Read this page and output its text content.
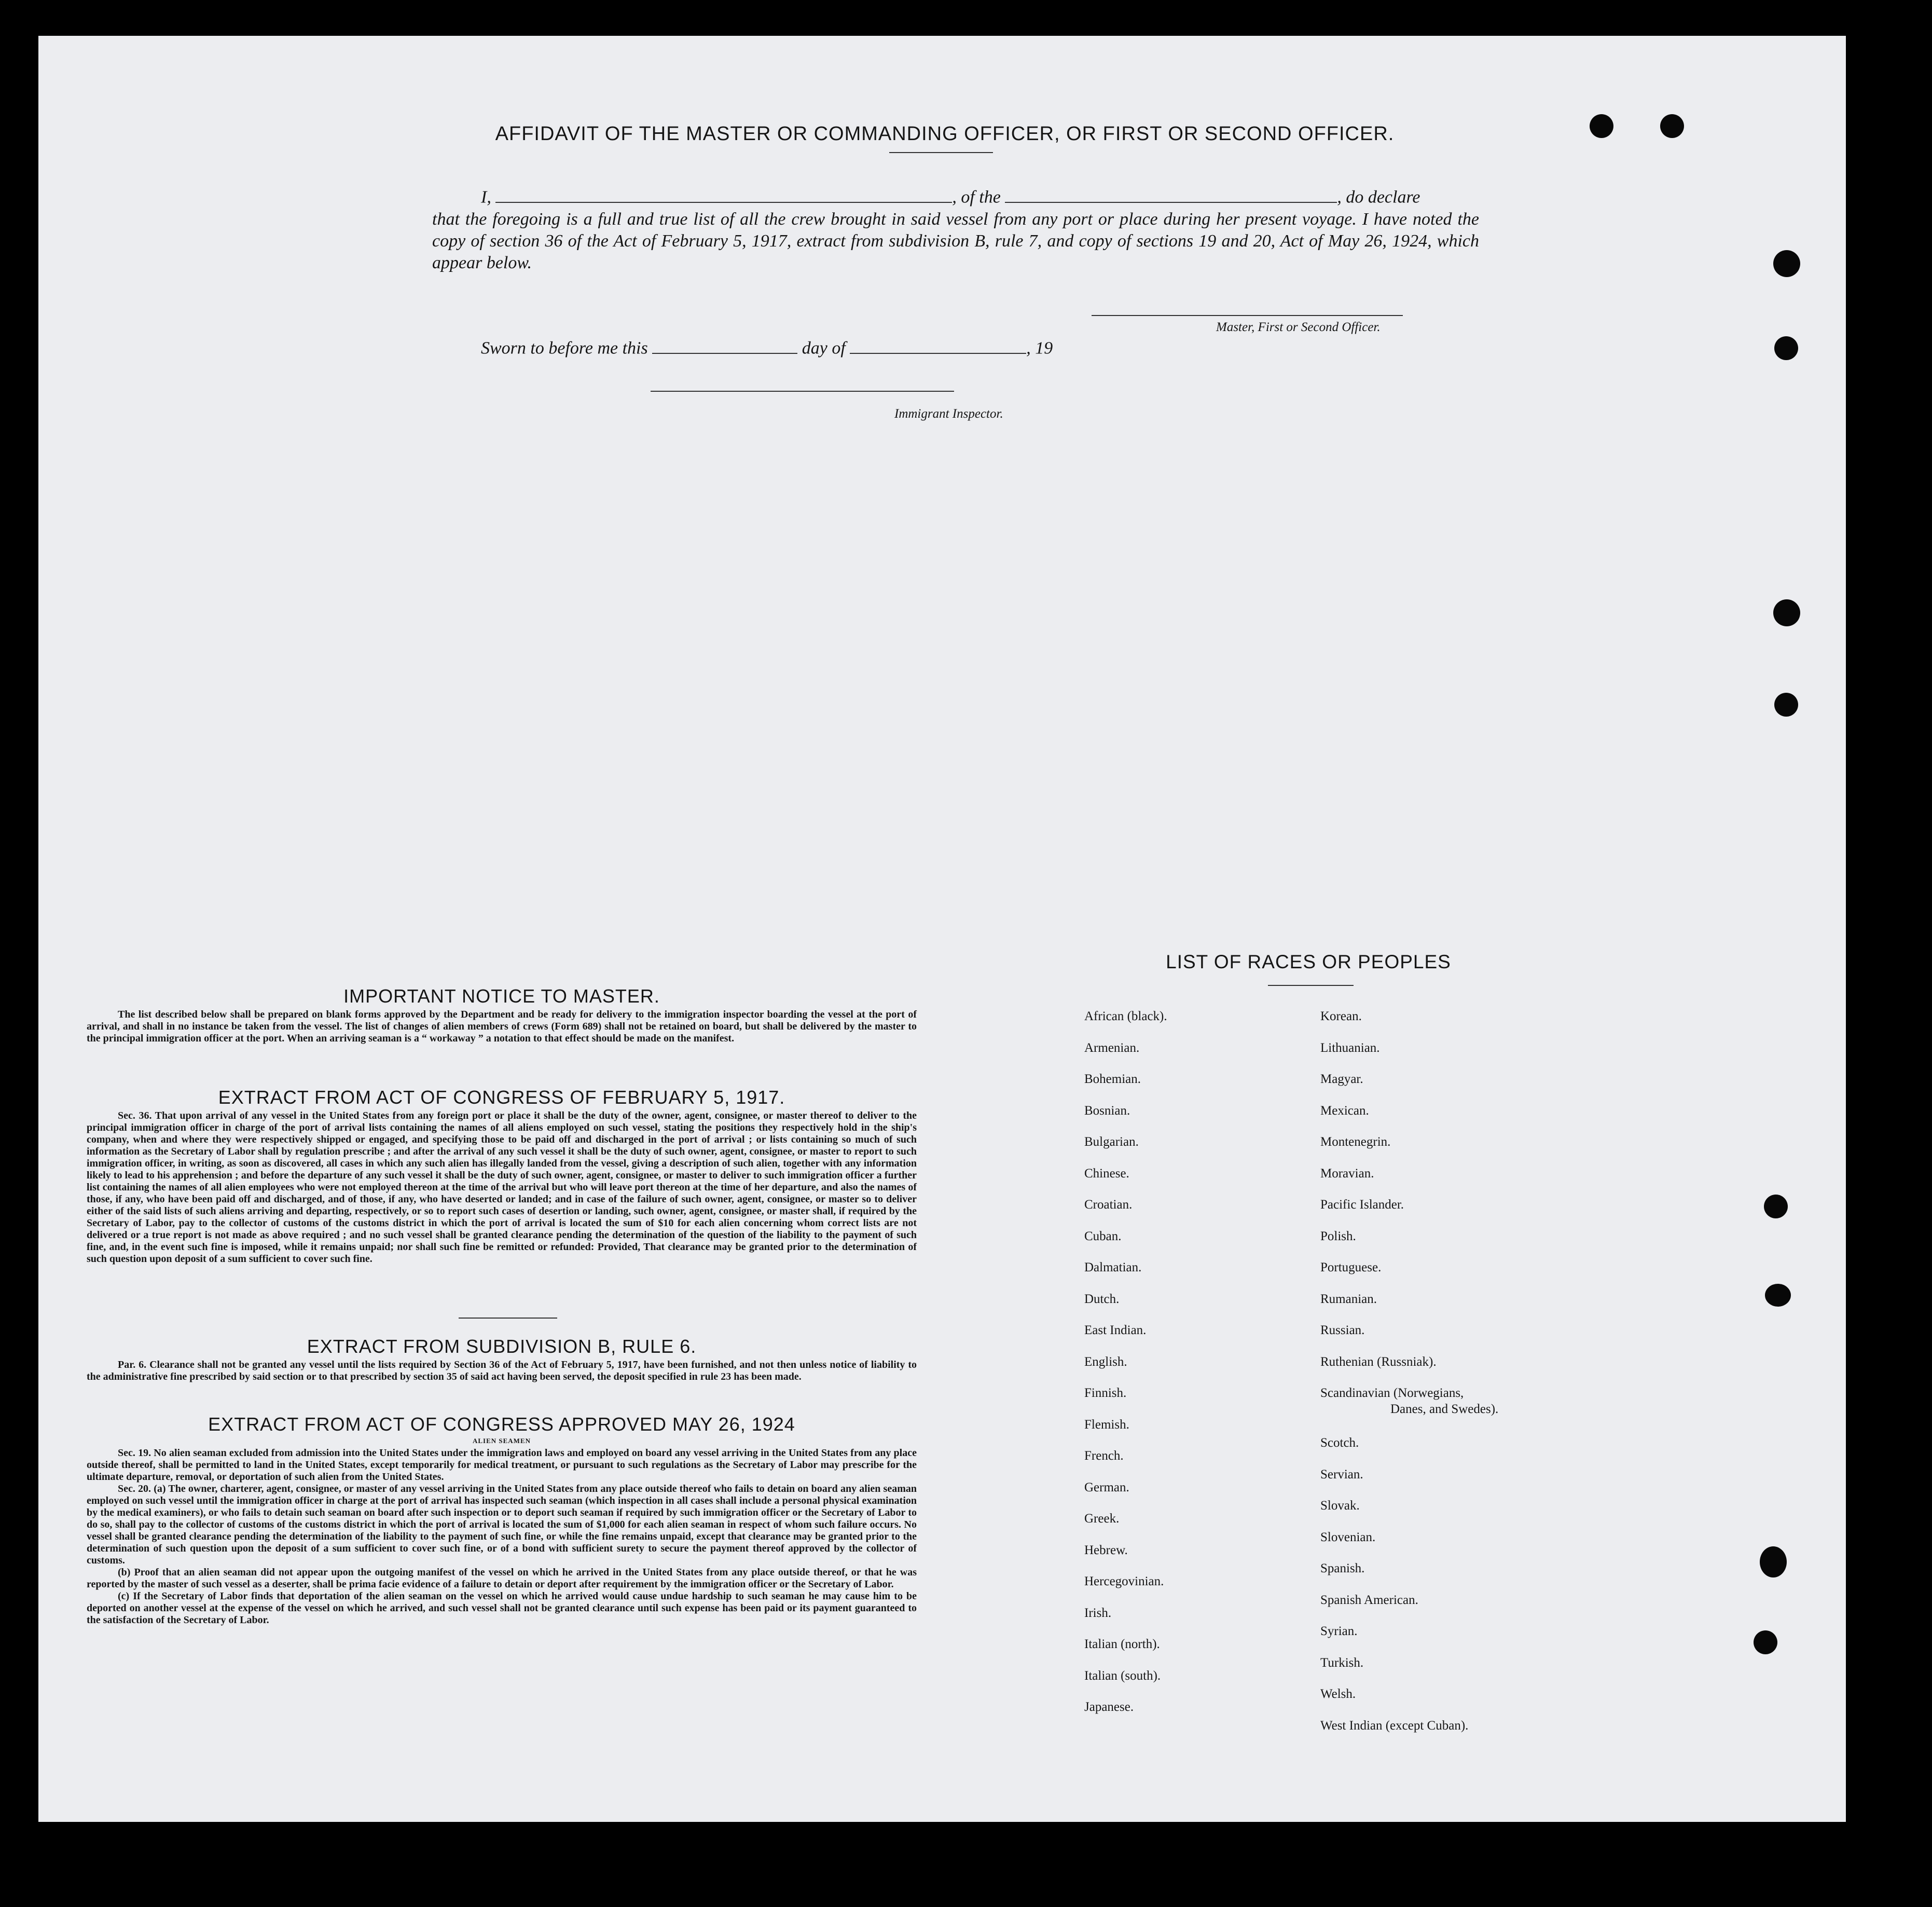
AFFIDAVIT OF THE MASTER OR COMMANDING OFFICER, OR FIRST OR SECOND OFFICER.
I,	, of the	, do declare
that the foregoing is a full and true list of all the crew brought in said vessel from any port or place during her present voyage. I have noted the copy of section 36 of the Act of February 5, 1917, extract from subdivision B, rule 7, and copy of sections 19 and 20, Act of May 26, 1924, which appear below.
Master, First or Second Officer.
Sworn to before me this	day of	, 19
Immigrant Inspector.
IMPORTANT NOTICE TO MASTER.
The list described below shall be prepared on blank forms approved by the Department and be ready for delivery to the immigration inspector boarding the vessel at the port of arrival, and shall in no instance be taken from the vessel. The list of changes of alien members of crews (Form 689) shall not be retained on board, but shall be delivered by the master to the principal immigration officer at the port. When an arriving seaman is a “ workaway ” a notation to that effect should be made on the manifest.
EXTRACT FROM ACT OF CONGRESS OF FEBRUARY 5, 1917.
Sec. 36. That upon arrival of any vessel in the United States from any foreign port or place it shall be the duty of the owner, agent, consignee, or master thereof to deliver to the principal immigration officer in charge of the port of arrival lists containing the names of all aliens employed on such vessel, stating the positions they respectively hold in the ship's company, when and where they were respectively shipped or engaged, and specifying those to be paid off and discharged in the port of arrival ; or lists containing so much of such information as the Secretary of Labor shall by regulation prescribe ; and after the arrival of any such vessel it shall be the duty of such owner, agent, consignee, or master to report to such immigration officer, in writing, as soon as discovered, all cases in which any such alien has illegally landed from the vessel, giving a description of such alien, together with any information likely to lead to his apprehension ; and before the departure of any such vessel it shall be the duty of such owner, agent, consignee, or master to deliver to such immigration officer a further list containing the names of all alien employees who were not employed thereon at the time of the arrival but who will leave port thereon at the time of her departure, and also the names of those, if any, who have been paid off and discharged, and of those, if any, who have deserted or landed; and in case of the failure of such owner, agent, consignee, or master so to deliver either of the said lists of such aliens arriving and departing, respectively, or so to report such cases of desertion or landing, such owner, agent, consignee, or master shall, if required by the Secretary of Labor, pay to the collector of customs of the customs district in which the port of arrival is located the sum of $10 for each alien concerning whom correct lists are not delivered or a true report is not made as above required ; and no such vessel shall be granted clearance pending the determination of the question of the liability to the payment of such fine, and, in the event such fine is imposed, while it remains unpaid; nor shall such fine be remitted or refunded: Provided, That clearance may be granted prior to the determination of such question upon deposit of a sum sufficient to cover such fine.
EXTRACT FROM SUBDIVISION B, RULE 6.
Par. 6. Clearance shall not be granted any vessel until the lists required by Section 36 of the Act of February 5, 1917, have been furnished, and not then unless notice of liability to the administrative fine prescribed by said section or to that prescribed by section 35 of said act having been served, the deposit specified in rule 23 has been made.
EXTRACT FROM ACT OF CONGRESS APPROVED MAY 26, 1924
ALIEN SEAMEN
Sec. 19. No alien seaman excluded from admission into the United States under the immigration laws and employed on board any vessel arriving in the United States from any place outside thereof, shall be permitted to land in the United States, except temporarily for medical treatment, or pursuant to such regulations as the Secretary of Labor may prescribe for the ultimate departure, removal, or deportation of such alien from the United States.
Sec. 20. (a) The owner, charterer, agent, consignee, or master of any vessel arriving in the United States from any place outside thereof who fails to detain on board any alien seaman employed on such vessel until the immigration officer in charge at the port of arrival has inspected such seaman (which inspection in all cases shall include a personal physical examination by the medical examiners), or who fails to detain such seaman on board after such inspection or to deport such seaman if required by such immigration officer or the Secretary of Labor to do so, shall pay to the collector of customs of the customs district in which the port of arrival is located the sum of $1,000 for each alien seaman in respect of whom such failure occurs. No vessel shall be granted clearance pending the determination of the liability to the payment of such fine, or while the fine remains unpaid, except that clearance may be granted prior to the determination of such question upon the deposit of a sum sufficient to cover such fine, or of a bond with sufficient surety to secure the payment thereof approved by the collector of customs.
(b) Proof that an alien seaman did not appear upon the outgoing manifest of the vessel on which he arrived in the United States from any place outside thereof, or that he was reported by the master of such vessel as a deserter, shall be prima facie evidence of a failure to detain or deport after requirement by the immigration officer or the Secretary of Labor.
(c) If the Secretary of Labor finds that deportation of the alien seaman on the vessel on which he arrived would cause undue hardship to such seaman he may cause him to be deported on another vessel at the expense of the vessel on which he arrived, and such vessel shall not be granted clearance until such expense has been paid or its payment guaranteed to the satisfaction of the Secretary of Labor.
LIST OF RACES OR PEOPLES
African (black).
Armenian.
Bohemian.
Bosnian.
Bulgarian.
Chinese.
Croatian.
Cuban.
Dalmatian.
Dutch.
East Indian.
English.
Finnish.
Flemish.
French.
German.
Greek.
Hebrew.
Hercegovinian.
Irish.
Italian (north).
Italian (south).
Japanese.
Korean.
Lithuanian.
Magyar.
Mexican.
Montenegrin.
Moravian.
Pacific Islander.
Polish.
Portuguese.
Rumanian.
Russian.
Ruthenian (Russniak).
Scandinavian (Norwegians,
Danes, and Swedes).
Scotch.
Servian.
Slovak.
Slovenian.
Spanish.
Spanish American.
Syrian.
Turkish.
Welsh.
West Indian (except Cuban).
